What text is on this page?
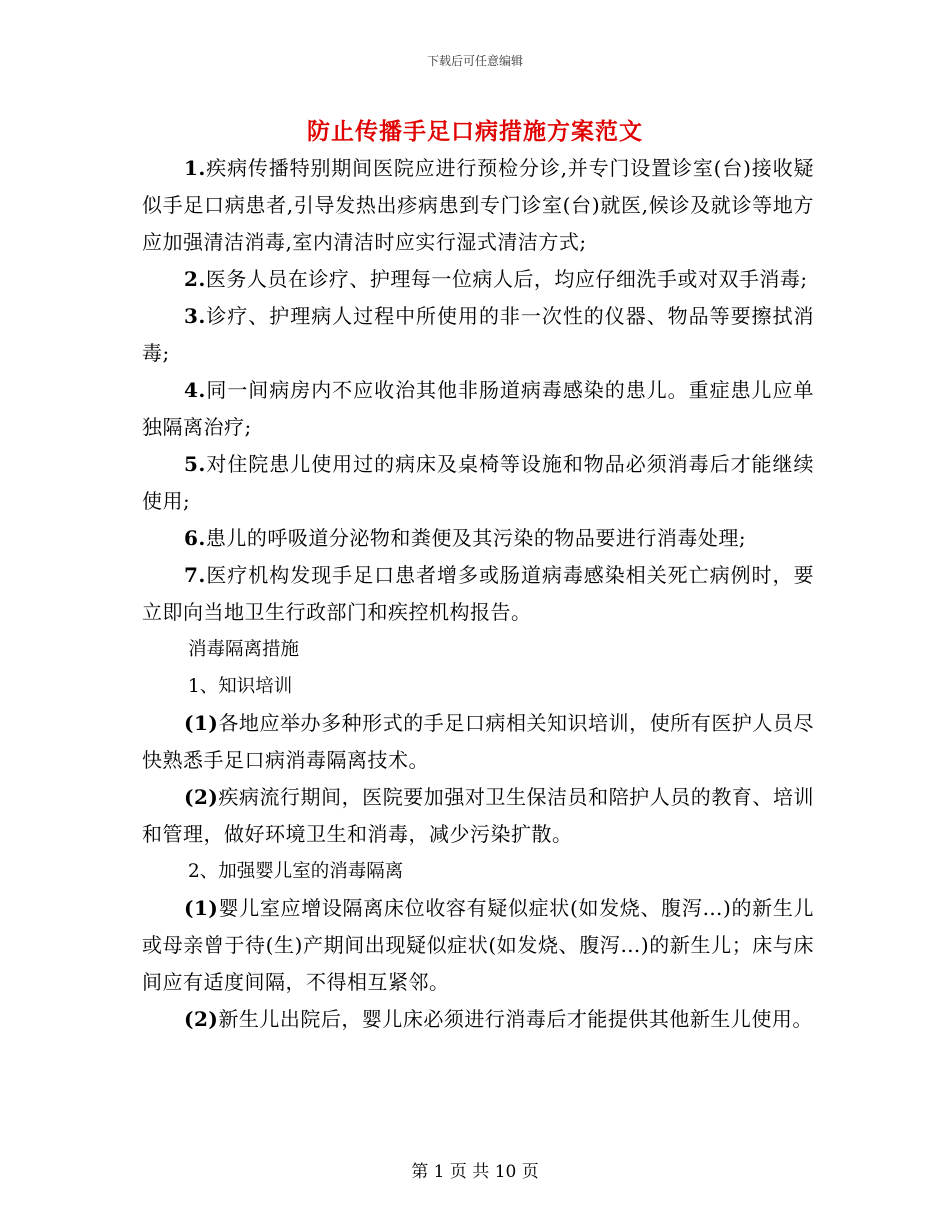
下载后可任意编辑
防止传播手足口病措施方案范文

1.疾病传播特别期间医院应进行预检分诊,并专门设置诊室(台)接收疑似手足口病患者,引导发热出疹病患到专门诊室(台)就医,候诊及就诊等地方应加强清洁消毒,室内清洁时应实行湿式清洁方式;

2.医务人员在诊疗、护理每一位病人后，均应仔细洗手或对双手消毒;

3.诊疗、护理病人过程中所使用的非一次性的仪器、物品等要擦拭消毒;

4.同一间病房内不应收治其他非肠道病毒感染的患儿。重症患儿应单独隔离治疗;

5.对住院患儿使用过的病床及桌椅等设施和物品必须消毒后才能继续使用;

6.患儿的呼吸道分泌物和粪便及其污染的物品要进行消毒处理;

7.医疗机构发现手足口患者增多或肠道病毒感染相关死亡病例时，要立即向当地卫生行政部门和疾控机构报告。

消毒隔离措施

1、知识培训

(1)各地应举办多种形式的手足口病相关知识培训，使所有医护人员尽快熟悉手足口病消毒隔离技术。

(2)疾病流行期间，医院要加强对卫生保洁员和陪护人员的教育、培训和管理，做好环境卫生和消毒，减少污染扩散。

2、加强婴儿室的消毒隔离

(1)婴儿室应增设隔离床位收容有疑似症状(如发烧、腹泻…)的新生儿或母亲曾于待(生)产期间出现疑似症状(如发烧、腹泻…)的新生儿；床与床间应有适度间隔，不得相互紧邻。

(2)新生儿出院后，婴儿床必须进行消毒后才能提供其他新生儿使用。

第 1 页 共 10 页
